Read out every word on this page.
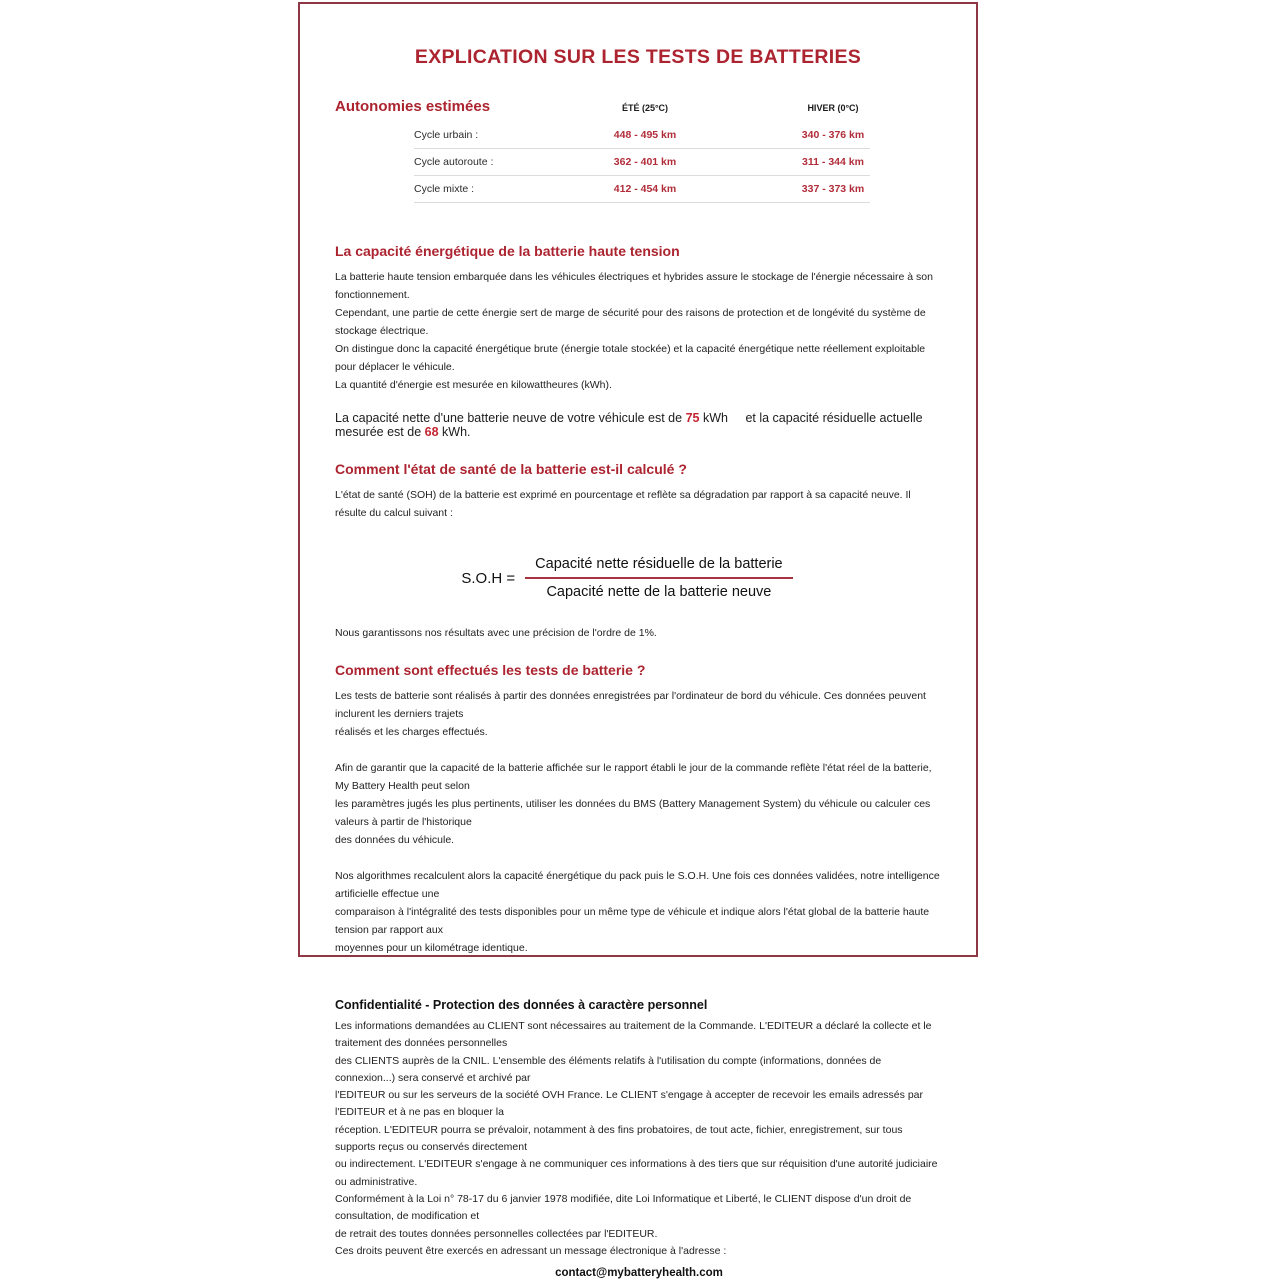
EXPLICATION SUR LES TESTS DE BATTERIES
Autonomies estimées	ÉTÉ (25°C)	HIVER (0°C)
Cycle urbain :	448 - 495 km	340 - 376 km
Cycle autoroute :	362 - 401 km	311 - 344 km
Cycle mixte :	412 - 454 km	337 - 373 km
La capacité énergétique de la batterie haute tension
La batterie haute tension embarquée dans les véhicules électriques et hybrides assure le stockage de l'énergie nécessaire à son fonctionnement.
Cependant, une partie de cette énergie sert de marge de sécurité pour des raisons de protection et de longévité du système de stockage électrique.
On distingue donc la capacité énergétique brute (énergie totale stockée) et la capacité énergétique nette réellement exploitable pour déplacer le véhicule.
La quantité d'énergie est mesurée en kilowattheures (kWh).
La capacité nette d'une batterie neuve de votre véhicule est de 75 kWh et la capacité résiduelle actuelle mesurée est de 68 kWh.
Comment l'état de santé de la batterie est-il calculé ?
L'état de santé (SOH) de la batterie est exprimé en pourcentage et reflète sa dégradation par rapport à sa capacité neuve. Il résulte du calcul suivant :
$S.O.H = \frac{\text{Capacité nette résiduelle de la batterie}}{\text{Capacité nette de la batterie neuve}}$
Nous garantissons nos résultats avec une précision de l'ordre de 1%.
Comment sont effectués les tests de batterie ?
Les tests de batterie sont réalisés à partir des données enregistrées par l'ordinateur de bord du véhicule. Ces données peuvent inclurent les derniers trajets
réalisés et les charges effectués.
Afin de garantir que la capacité de la batterie affichée sur le rapport établi le jour de la commande reflète l'état réel de la batterie, My Battery Health peut selon
les paramètres jugés les plus pertinents, utiliser les données du BMS (Battery Management System) du véhicule ou calculer ces valeurs à partir de l'historique
des données du véhicule.
Nos algorithmes recalculent alors la capacité énergétique du pack puis le S.O.H. Une fois ces données validées, notre intelligence artificielle effectue une
comparaison à l'intégralité des tests disponibles pour un même type de véhicule et indique alors l'état global de la batterie haute tension par rapport aux
moyennes pour un kilométrage identique.
Confidentialité - Protection des données à caractère personnel
Les informations demandées au CLIENT sont nécessaires au traitement de la Commande. L'EDITEUR a déclaré la collecte et le traitement des données personnelles
des CLIENTS auprès de la CNIL. L'ensemble des éléments relatifs à l'utilisation du compte (informations, données de connexion...) sera conservé et archivé par
l'EDITEUR ou sur les serveurs de la société OVH France. Le CLIENT s'engage à accepter de recevoir les emails adressés par l'EDITEUR et à ne pas en bloquer la
réception. L'EDITEUR pourra se prévaloir, notamment à des fins probatoires, de tout acte, fichier, enregistrement, sur tous supports reçus ou conservés directement
ou indirectement. L'EDITEUR s'engage à ne communiquer ces informations à des tiers que sur réquisition d'une autorité judiciaire ou administrative.
Conformément à la Loi n° 78-17 du 6 janvier 1978 modifiée, dite Loi Informatique et Liberté, le CLIENT dispose d'un droit de consultation, de modification et
de retrait des toutes données personnelles collectées par l'EDITEUR.
Ces droits peuvent être exercés en adressant un message électronique à l'adresse :
contact@mybatteryhealth.com
